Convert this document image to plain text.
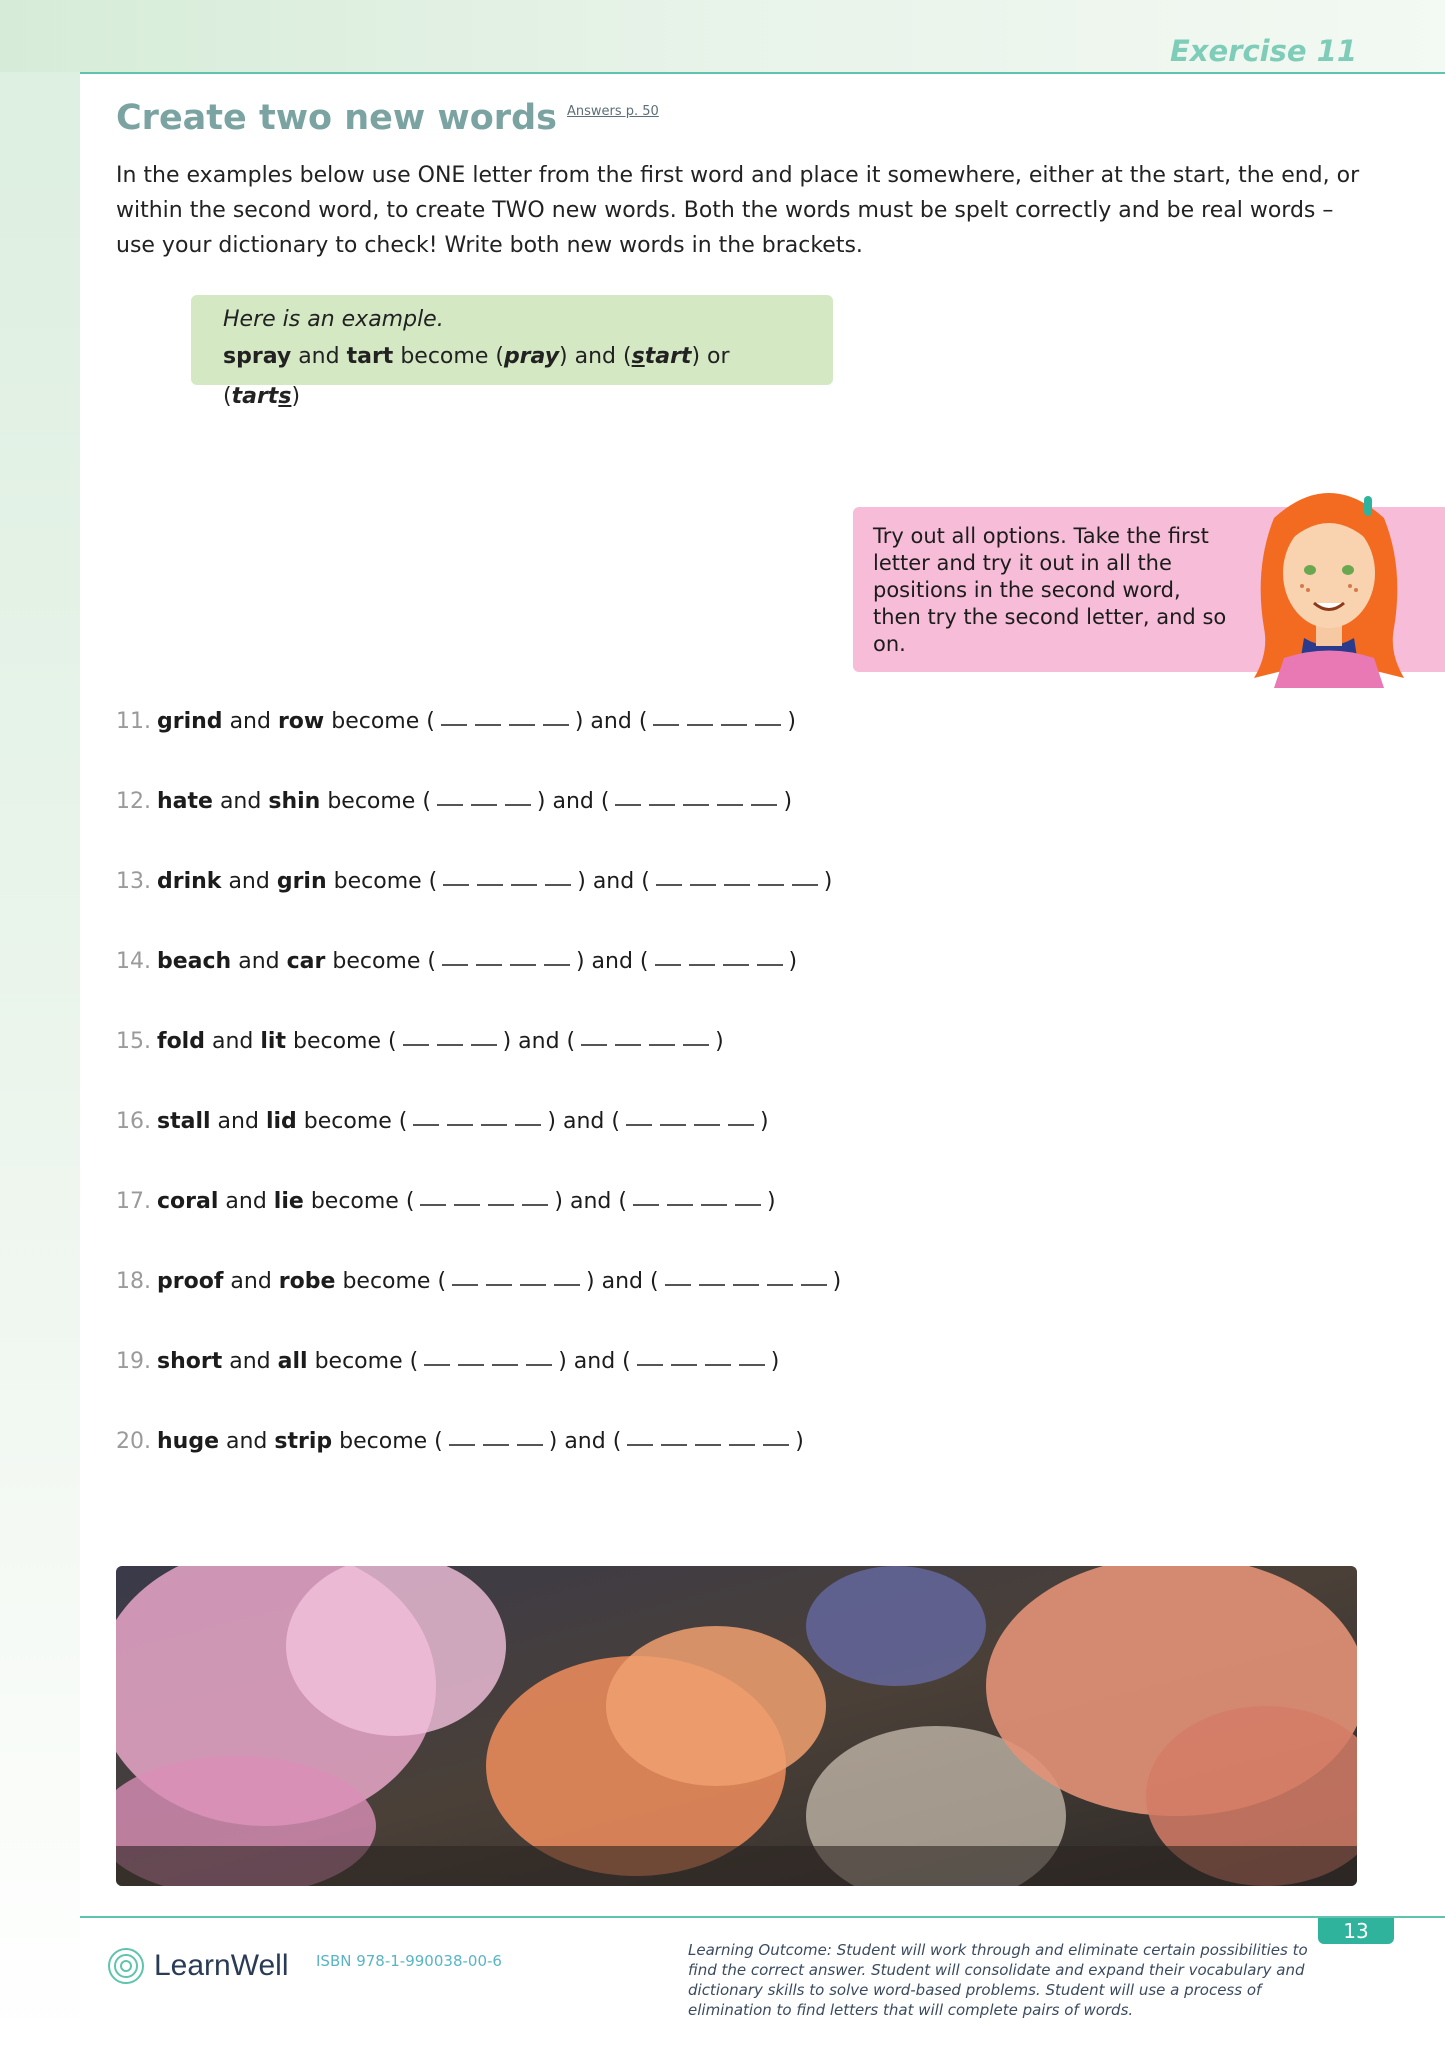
Exercise 11
Create two new words Answers p. 50

In the examples below use ONE letter from the first word and place it somewhere, either at the start, the end, or within the second word, to create TWO new words. Both the words must be spelt correctly and be real words – use your dictionary to check! Write both new words in the brackets.

Here is an example.
spray and tart become (pray) and (start) or (tarts)

Try out all options. Take the first letter and try it out in all the positions in the second word, then try the second letter, and so on.

11. grind
and
row
become (	) and (	)
12. hate
and
shin
become (	) and (	)
13. drink
and
grin
become (	) and (	)
14. beach
and
car
become (	) and (	)
15. fold
and
lit
become (	) and (	)
16. stall
and
lid
become (	) and (	)
17. coral
and
lie
become (	) and (	)
18. proof
and
robe
become (	) and (	)
19. short
and
all
become (	) and (	)
20. huge
and
strip
become (	) and (	)
13
LearnWell ISBN 978-1-990038-00-6

Learning Outcome: Student will work through and eliminate certain possibilities to find the correct answer. Student will consolidate and expand their vocabulary and dictionary skills to solve word-based problems. Student will use a process of elimination to find letters that will complete pairs of words.
